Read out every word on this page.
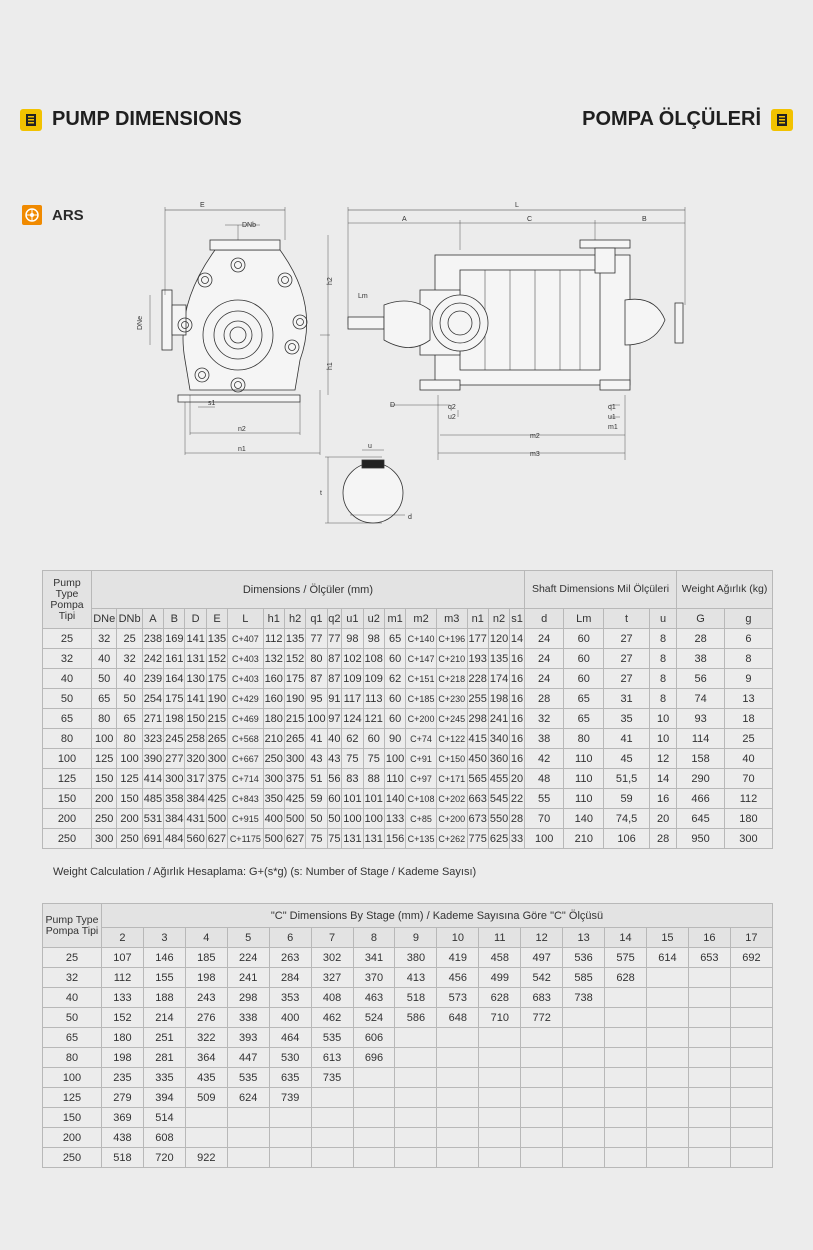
PUMP DIMENSIONS	POMPA ÖLÇÜLERİ
ARS
E
DNb
DNe
h2
h1
s1
n2
n1
L
A	C	B
Lm
D	q2
u2
q1
u1
m1
m2
m3
u
t
d
Pump Type Pompa Tipi	Dimensions / Ölçüler (mm)																			Shaft Dimensions Mil Ölçüleri				Weight Ağırlık (kg)	

	DNe	DNb	A	B	D	E	L	h1	h2	q1	q2	u1	u2	m1	m2	m3	n1	n2	s1	d	Lm	t	u	G	g
25	32	25	238	169	141	135	C+407	112	135	77	77	98	98	65	C+140	C+196	177	120	14	24	60	27	8	28	6
32	40	32	242	161	131	152	C+403	132	152	80	87	102	108	60	C+147	C+210	193	135	16	24	60	27	8	38	8
40	50	40	239	164	130	175	C+403	160	175	87	87	109	109	62	C+151	C+218	228	174	16	24	60	27	8	56	9
50	65	50	254	175	141	190	C+429	160	190	95	91	117	113	60	C+185	C+230	255	198	16	28	65	31	8	74	13
65	80	65	271	198	150	215	C+469	180	215	100	97	124	121	60	C+200	C+245	298	241	16	32	65	35	10	93	18
80	100	80	323	245	258	265	C+568	210	265	41	40	62	60	90	C+74	C+122	415	340	16	38	80	41	10	114	25
100	125	100	390	277	320	300	C+667	250	300	43	43	75	75	100	C+91	C+150	450	360	16	42	110	45	12	158	40
125	150	125	414	300	317	375	C+714	300	375	51	56	83	88	110	C+97	C+171	565	455	20	48	110	51,5	14	290	70
150	200	150	485	358	384	425	C+843	350	425	59	60	101	101	140	C+108	C+202	663	545	22	55	110	59	16	466	112
200	250	200	531	384	431	500	C+915	400	500	50	50	100	100	133	C+85	C+200	673	550	28	70	140	74,5	20	645	180
250	300	250	691	484	560	627	C+1175	500	627	75	75	131	131	156	C+135	C+262	775	625	33	100	210	106	28	950	300
Weight Calculation / Ağırlık Hesaplama: G+(s*g) (s: Number of Stage / Kademe Sayısı)
Pump Type Pompa Tipi	"C" Dimensions By Stage (mm) / Kademe Sayısına Göre "C" Ölçüsü															
	2	3	4	5	6	7	8	9	10	11	12	13	14	15	16	17
25	107	146	185	224	263	302	341	380	419	458	497	536	575	614	653	692
32	112	155	198	241	284	327	370	413	456	499	542	585	628			
40	133	188	243	298	353	408	463	518	573	628	683	738				
50	152	214	276	338	400	462	524	586	648	710	772					
65	180	251	322	393	464	535	606									
80	198	281	364	447	530	613	696									
100	235	335	435	535	635	735										
125	279	394	509	624	739											
150	369	514														
200	438	608														
250	518	720	922													
